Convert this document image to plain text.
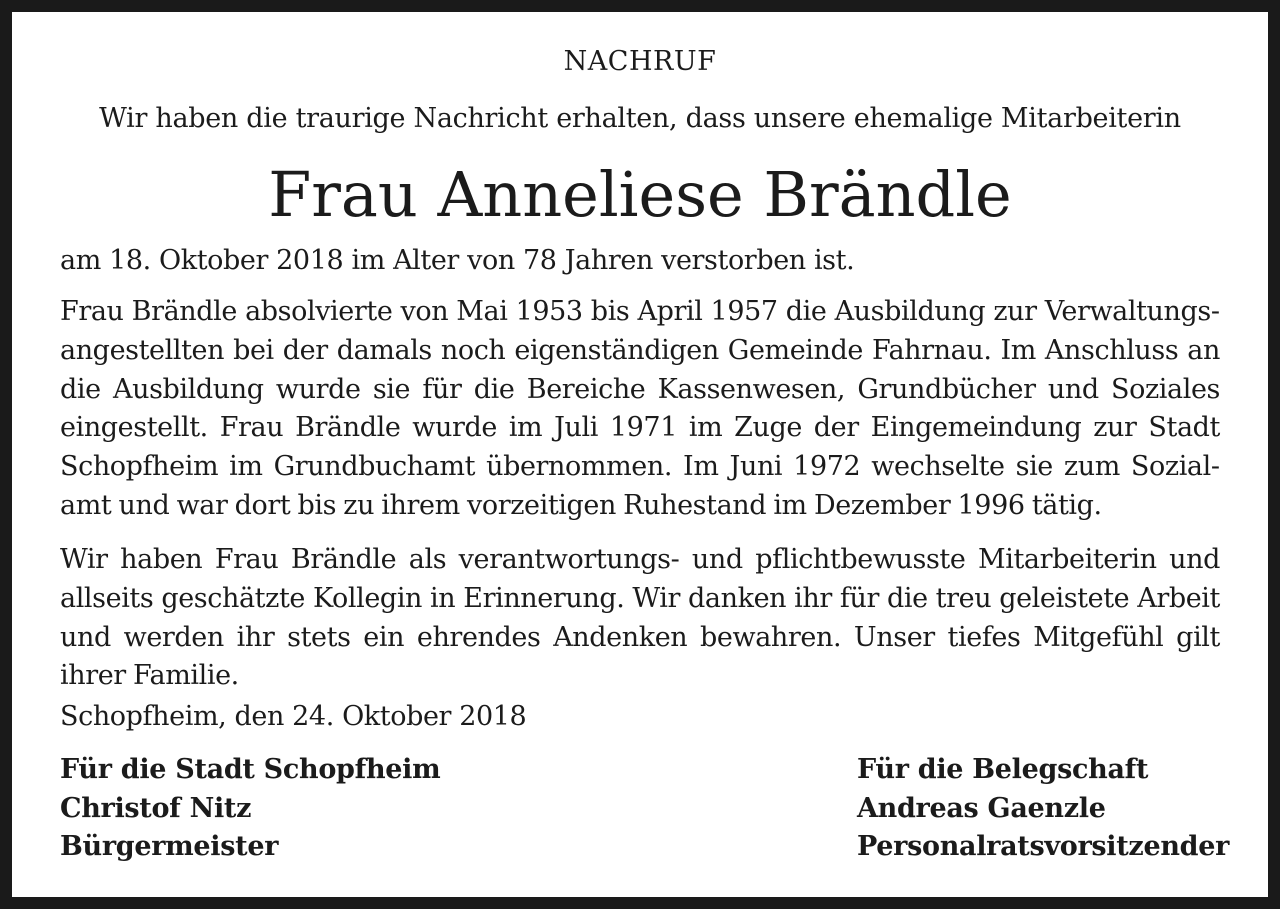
NACHRUF

Wir haben die traurige Nachricht erhalten, dass unsere ehemalige Mitarbeiterin

Frau Anneliese Brändle

am 18. Oktober 2018 im Alter von 78 Jahren verstorben ist.

Frau Brändle absolvierte von Mai 1953 bis April 1957 die Ausbildung zur Verwaltungsangestellten bei der damals noch eigenständigen Gemeinde Fahrnau. Im Anschluss an die Ausbildung wurde sie für die Bereiche Kassenwesen, Grundbücher und Soziales eingestellt. Frau Brändle wurde im Juli 1971 im Zuge der Eingemeindung zur Stadt Schopfheim im Grundbuchamt übernommen. Im Juni 1972 wechselte sie zum Sozialamt und war dort bis zu ihrem vorzeitigen Ruhestand im Dezember 1996 tätig.

Wir haben Frau Brändle als verantwortungs- und pflichtbewusste Mitarbeiterin und allseits geschätzte Kollegin in Erinnerung. Wir danken ihr für die treu geleistete Arbeit und werden ihr stets ein ehrendes Andenken bewahren. Unser tiefes Mitgefühl gilt ihrer Familie.

Schopfheim, den 24. Oktober 2018

Für die Stadt Schopfheim
Christof Nitz
Bürgermeister
Für die Belegschaft
Andreas Gaenzle
Personalratsvorsitzender
